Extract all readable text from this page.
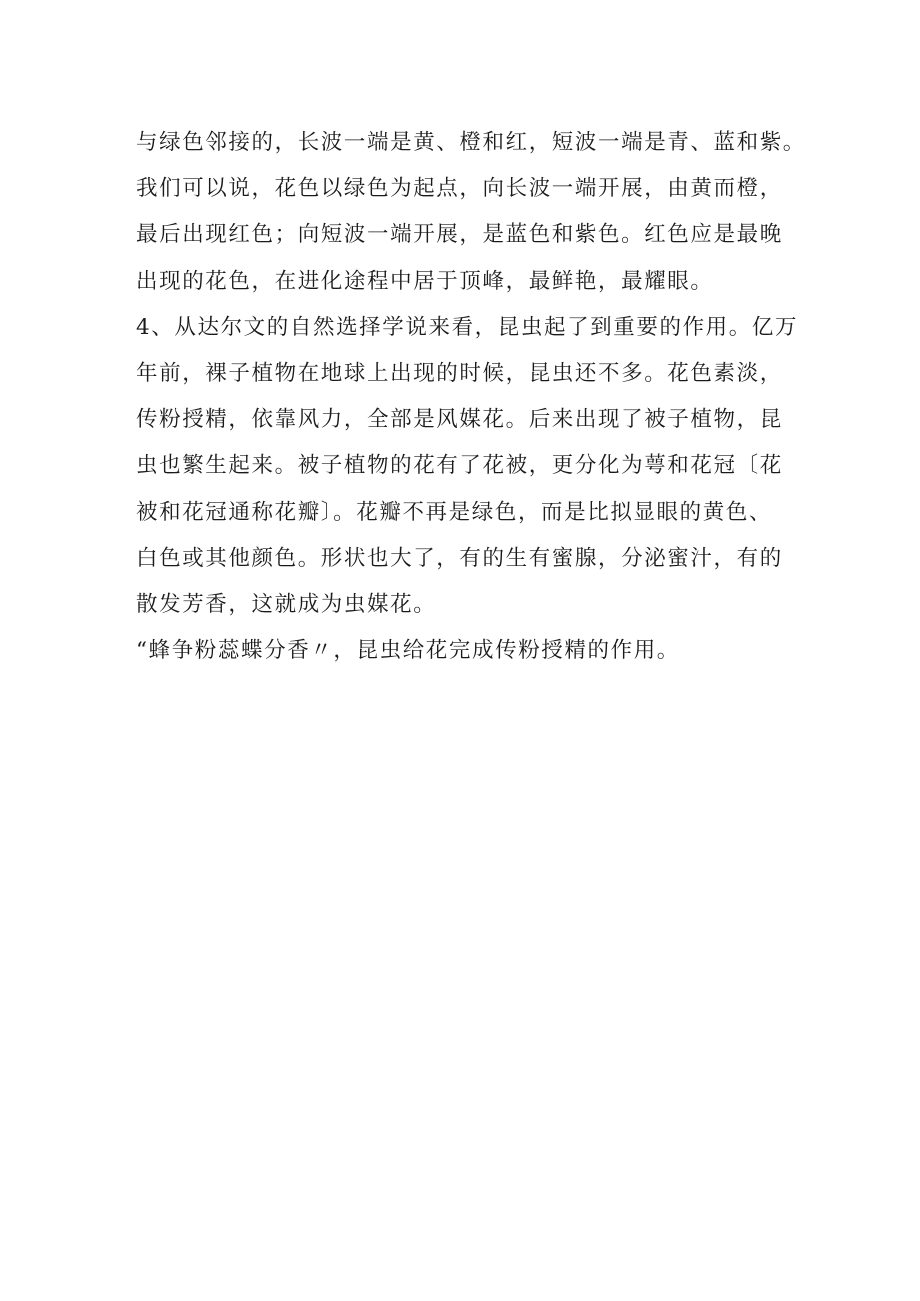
与绿色邻接的，长波一端是黄、橙和红，短波一端是青、蓝和紫。
我们可以说，花色以绿色为起点，向长波一端开展，由黄而橙，
最后出现红色；向短波一端开展，是蓝色和紫色。红色应是最晚
出现的花色，在进化途程中居于顶峰，最鲜艳，最耀眼。
4、从达尔文的自然选择学说来看，昆虫起了到重要的作用。亿万
年前，裸子植物在地球上出现的时候，昆虫还不多。花色素淡，
传粉授精，依靠风力，全部是风媒花。后来出现了被子植物，昆
虫也繁生起来。被子植物的花有了花被，更分化为萼和花冠〔花
被和花冠通称花瓣〕。花瓣不再是绿色，而是比拟显眼的黄色、
白色或其他颜色。形状也大了，有的生有蜜腺，分泌蜜汁，有的
散发芳香，这就成为虫媒花。
“蜂争粉蕊蝶分香〃，昆虫给花完成传粉授精的作用。
